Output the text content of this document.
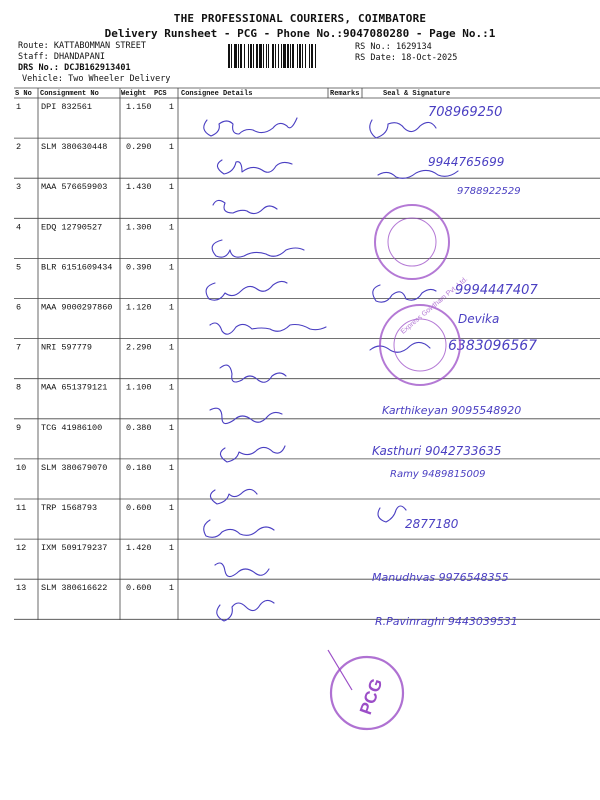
THE PROFESSIONAL COURIERS, COIMBATORE
Delivery Runsheet - PCG - Phone No.:9047080280 - Page No.:1
Route: KATTABOMMAN STREET
Staff: DHANDAPANI
DRS No.: DCJB162913401
Vehicle: Two Wheeler Delivery
RS No.: 1629134
RS Date: 18-Oct-2025
S No Consignment No	Weight PCS Consignee Details	Remarks	Seal & Signature
1 DPI 832561	1.150 1
2 SLM 380630448 0.290 1
3 MAA 576659903 1.430 1
4 EDQ 12790527	1.300 1
5 BLR 6151609434 0.390 1
6 MAA 9000297860 1.120 1
7 NRI 597779	2.290 1
8 MAA 651379121 1.100 1
9 TCG 41986100	0.380 1
10 SLM 380679070 0.180 1
11 TRP 1568793	0.600 1
12 IXM 509179237 1.420 1
13 SLM 380616622 0.600 1
708969250
9944765699
9788922529
9994447407
Devika
6383096567
Karthikeyan 9095548920
Kasthuri 9042733635
Ramy 9489815009
2877180
Manudhvas 9976548355
R.Pavinraghi 9443039531
Express Gowtham Pvt. Ltd.
PCG
